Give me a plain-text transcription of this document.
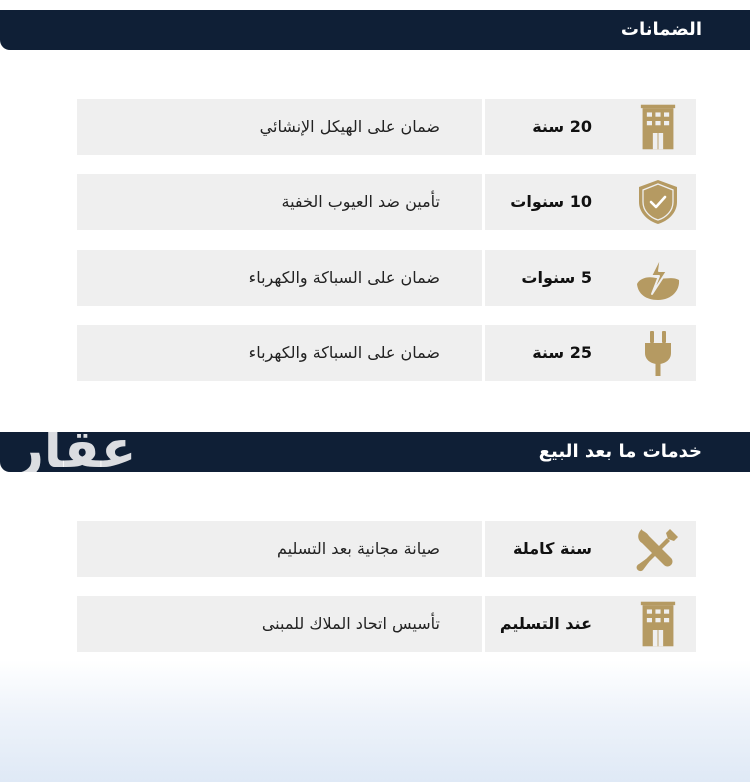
الضمانات
ضمان على الهيكل الإنشائي	20 سنة
تأمين ضد العيوب الخفية	10 سنوات
ضمان على السباكة والكهرباء	5 سنوات
ضمان على السباكة والكهرباء	25 سنة
خدمات ما بعد البيع
عقار
صيانة مجانية بعد التسليم	سنة كاملة
تأسيس اتحاد الملاك للمبنى	عند التسليم
